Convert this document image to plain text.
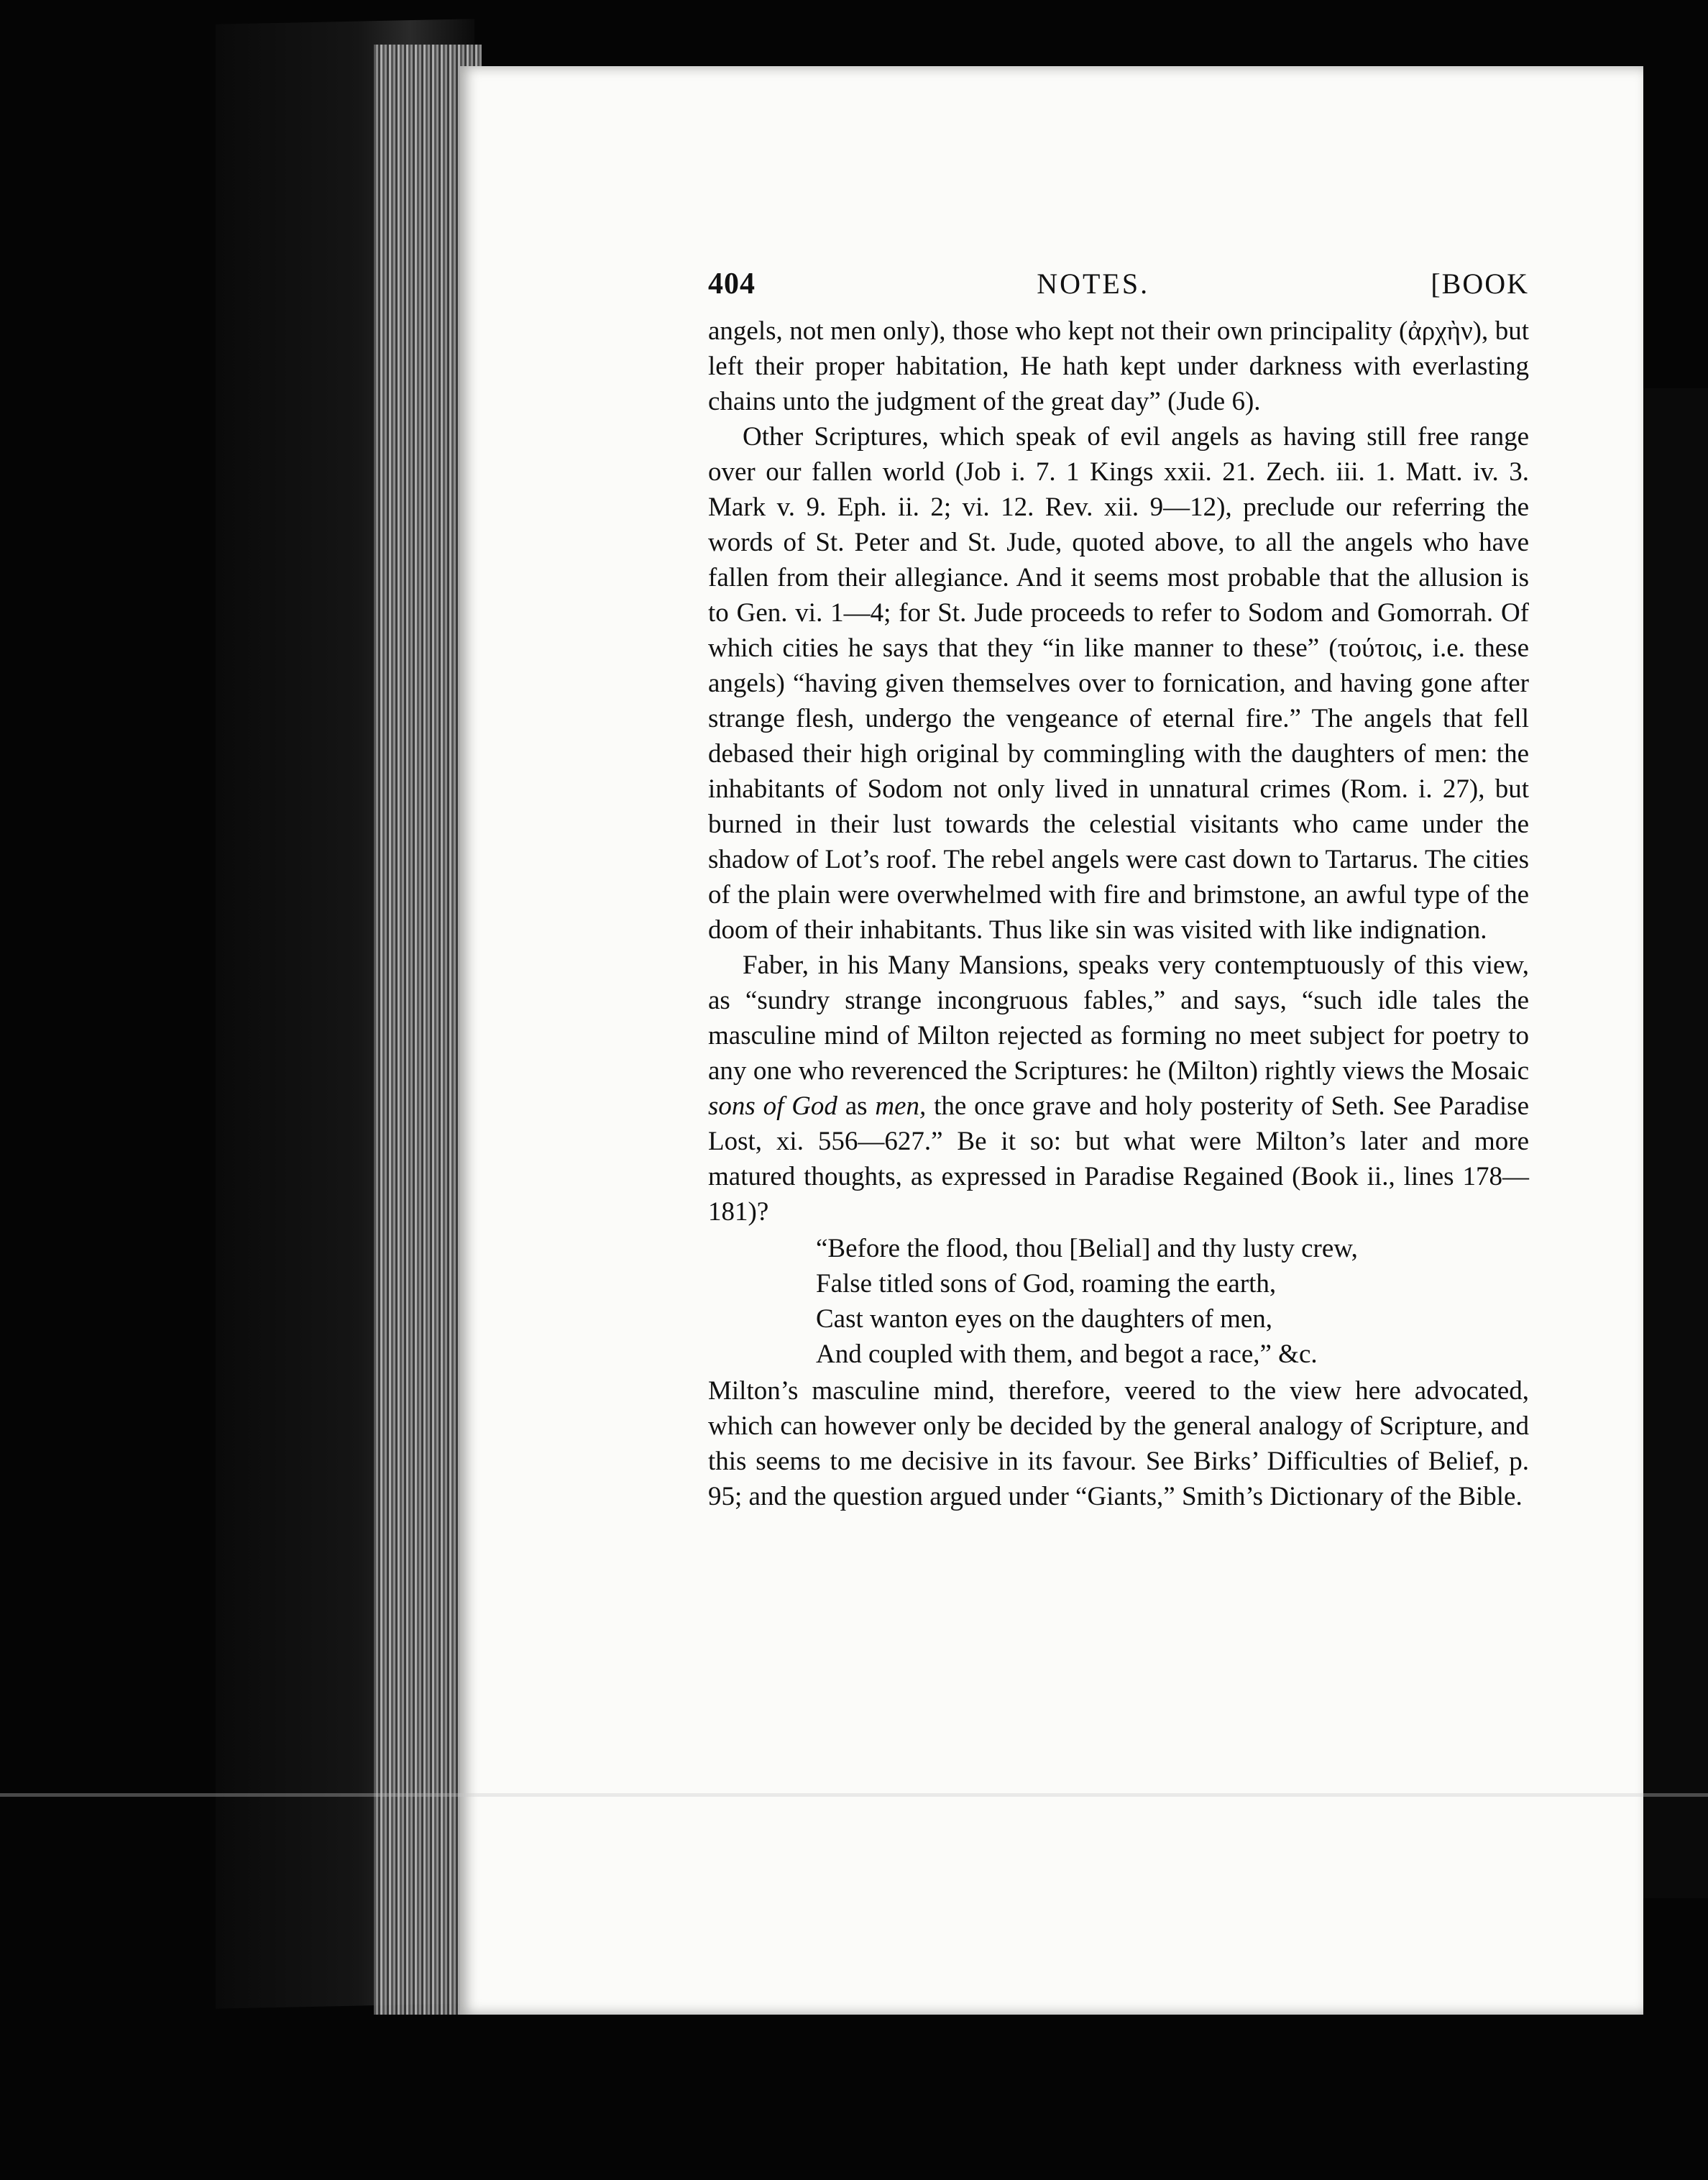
404	NOTES.	[BOOK

angels, not men only), those who kept not their own principality (ἀρχὴν), but left their proper habitation, He hath kept under darkness with everlasting chains unto the judgment of the great day” (Jude 6).

Other Scriptures, which speak of evil angels as having still free range over our fallen world (Job i. 7. 1 Kings xxii. 21. Zech. iii. 1. Matt. iv. 3. Mark v. 9. Eph. ii. 2; vi. 12. Rev. xii. 9—12), preclude our referring the words of St. Peter and St. Jude, quoted above, to all the angels who have fallen from their allegiance. And it seems most probable that the allusion is to Gen. vi. 1—4; for St. Jude proceeds to refer to Sodom and Gomorrah. Of which cities he says that they “in like manner to these” (τούτοις, i.e. these angels) “having given themselves over to fornication, and having gone after strange flesh, undergo the vengeance of eternal fire.” The angels that fell debased their high original by commingling with the daughters of men: the inhabitants of Sodom not only lived in unnatural crimes (Rom. i. 27), but burned in their lust towards the celestial visitants who came under the shadow of Lot’s roof. The rebel angels were cast down to Tartarus. The cities of the plain were overwhelmed with fire and brimstone, an awful type of the doom of their inhabitants. Thus like sin was visited with like indignation.

Faber, in his Many Mansions, speaks very contemptuously of this view, as “sundry strange incongruous fables,” and says, “such idle tales the masculine mind of Milton rejected as forming no meet subject for poetry to any one who reverenced the Scriptures: he (Milton) rightly views the Mosaic sons of God as men, the once grave and holy posterity of Seth. See Paradise Lost, xi. 556—627.” Be it so: but what were Milton’s later and more matured thoughts, as expressed in Paradise Regained (Book ii., lines 178—181)?

“Before the flood, thou [Belial] and thy lusty crew,
False titled sons of God, roaming the earth,
Cast wanton eyes on the daughters of men,
And coupled with them, and begot a race,” &c.

Milton’s masculine mind, therefore, veered to the view here advocated, which can however only be decided by the general analogy of Scripture, and this seems to me decisive in its favour. See Birks’ Difficulties of Belief, p. 95; and the question argued under “Giants,” Smith’s Dictionary of the Bible.
